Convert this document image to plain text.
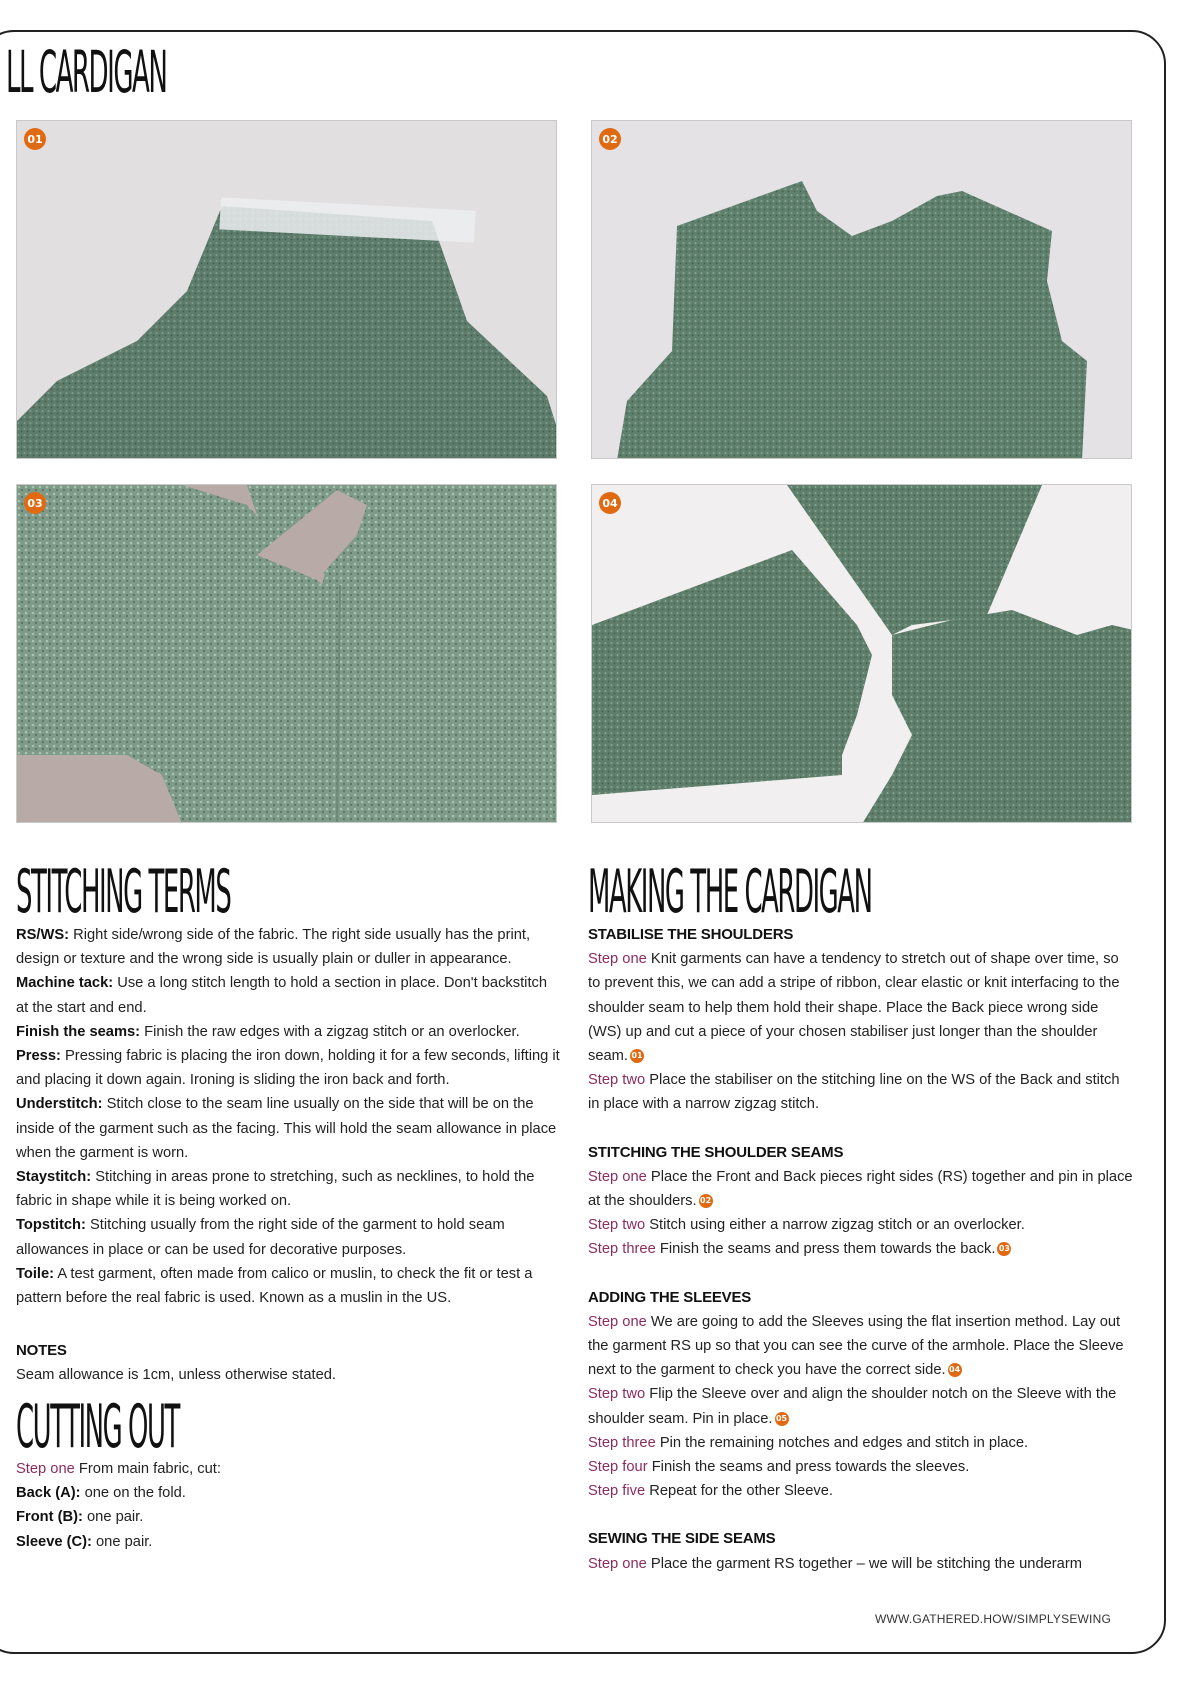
LL CARDIGAN
01	02
03	04
STITCHING TERMS

RS/WS: Right side/wrong side of the fabric. The right side usually has the print, design or texture and the wrong side is usually plain or duller in appearance.

Machine tack: Use a long stitch length to hold a section in place. Don't backstitch at the start and end.

Finish the seams: Finish the raw edges with a zigzag stitch or an overlocker.

Press: Pressing fabric is placing the iron down, holding it for a few seconds, lifting it and placing it down again. Ironing is sliding the iron back and forth.

Understitch: Stitch close to the seam line usually on the side that will be on the inside of the garment such as the facing. This will hold the seam allowance in place when the garment is worn.

Staystitch: Stitching in areas prone to stretching, such as necklines, to hold the fabric in shape while it is being worked on.

Topstitch: Stitching usually from the right side of the garment to hold seam allowances in place or can be used for decorative purposes.

Toile: A test garment, often made from calico or muslin, to check the fit or test a pattern before the real fabric is used. Known as a muslin in the US.

NOTES

Seam allowance is 1cm, unless otherwise stated.

CUTTING OUT

Step one From main fabric, cut:

Back (A): one on the fold.

Front (B): one pair.

Sleeve (C): one pair.

MAKING THE CARDIGAN

STABILISE THE SHOULDERS

Step one Knit garments can have a tendency to stretch out of shape over time, so to prevent this, we can add a stripe of ribbon, clear elastic or knit interfacing to the shoulder seam to help them hold their shape. Place the Back piece wrong side (WS) up and cut a piece of your chosen stabiliser just longer than the shoulder seam. 01

Step two Place the stabiliser on the stitching line on the WS of the Back and stitch in place with a narrow zigzag stitch.

STITCHING THE SHOULDER SEAMS

Step one Place the Front and Back pieces right sides (RS) together and pin in place at the shoulders. 02

Step two Stitch using either a narrow zigzag stitch or an overlocker.

Step three Finish the seams and press them towards the back. 03

ADDING THE SLEEVES

Step one We are going to add the Sleeves using the flat insertion method. Lay out the garment RS up so that you can see the curve of the armhole. Place the Sleeve next to the garment to check you have the correct side. 04

Step two Flip the Sleeve over and align the shoulder notch on the Sleeve with the shoulder seam. Pin in place. 05

Step three Pin the remaining notches and edges and stitch in place.

Step four Finish the seams and press towards the sleeves.

Step five Repeat for the other Sleeve.

SEWING THE SIDE SEAMS

Step one Place the garment RS together – we will be stitching the underarm

WWW.GATHERED.HOW/SIMPLYSEWING
